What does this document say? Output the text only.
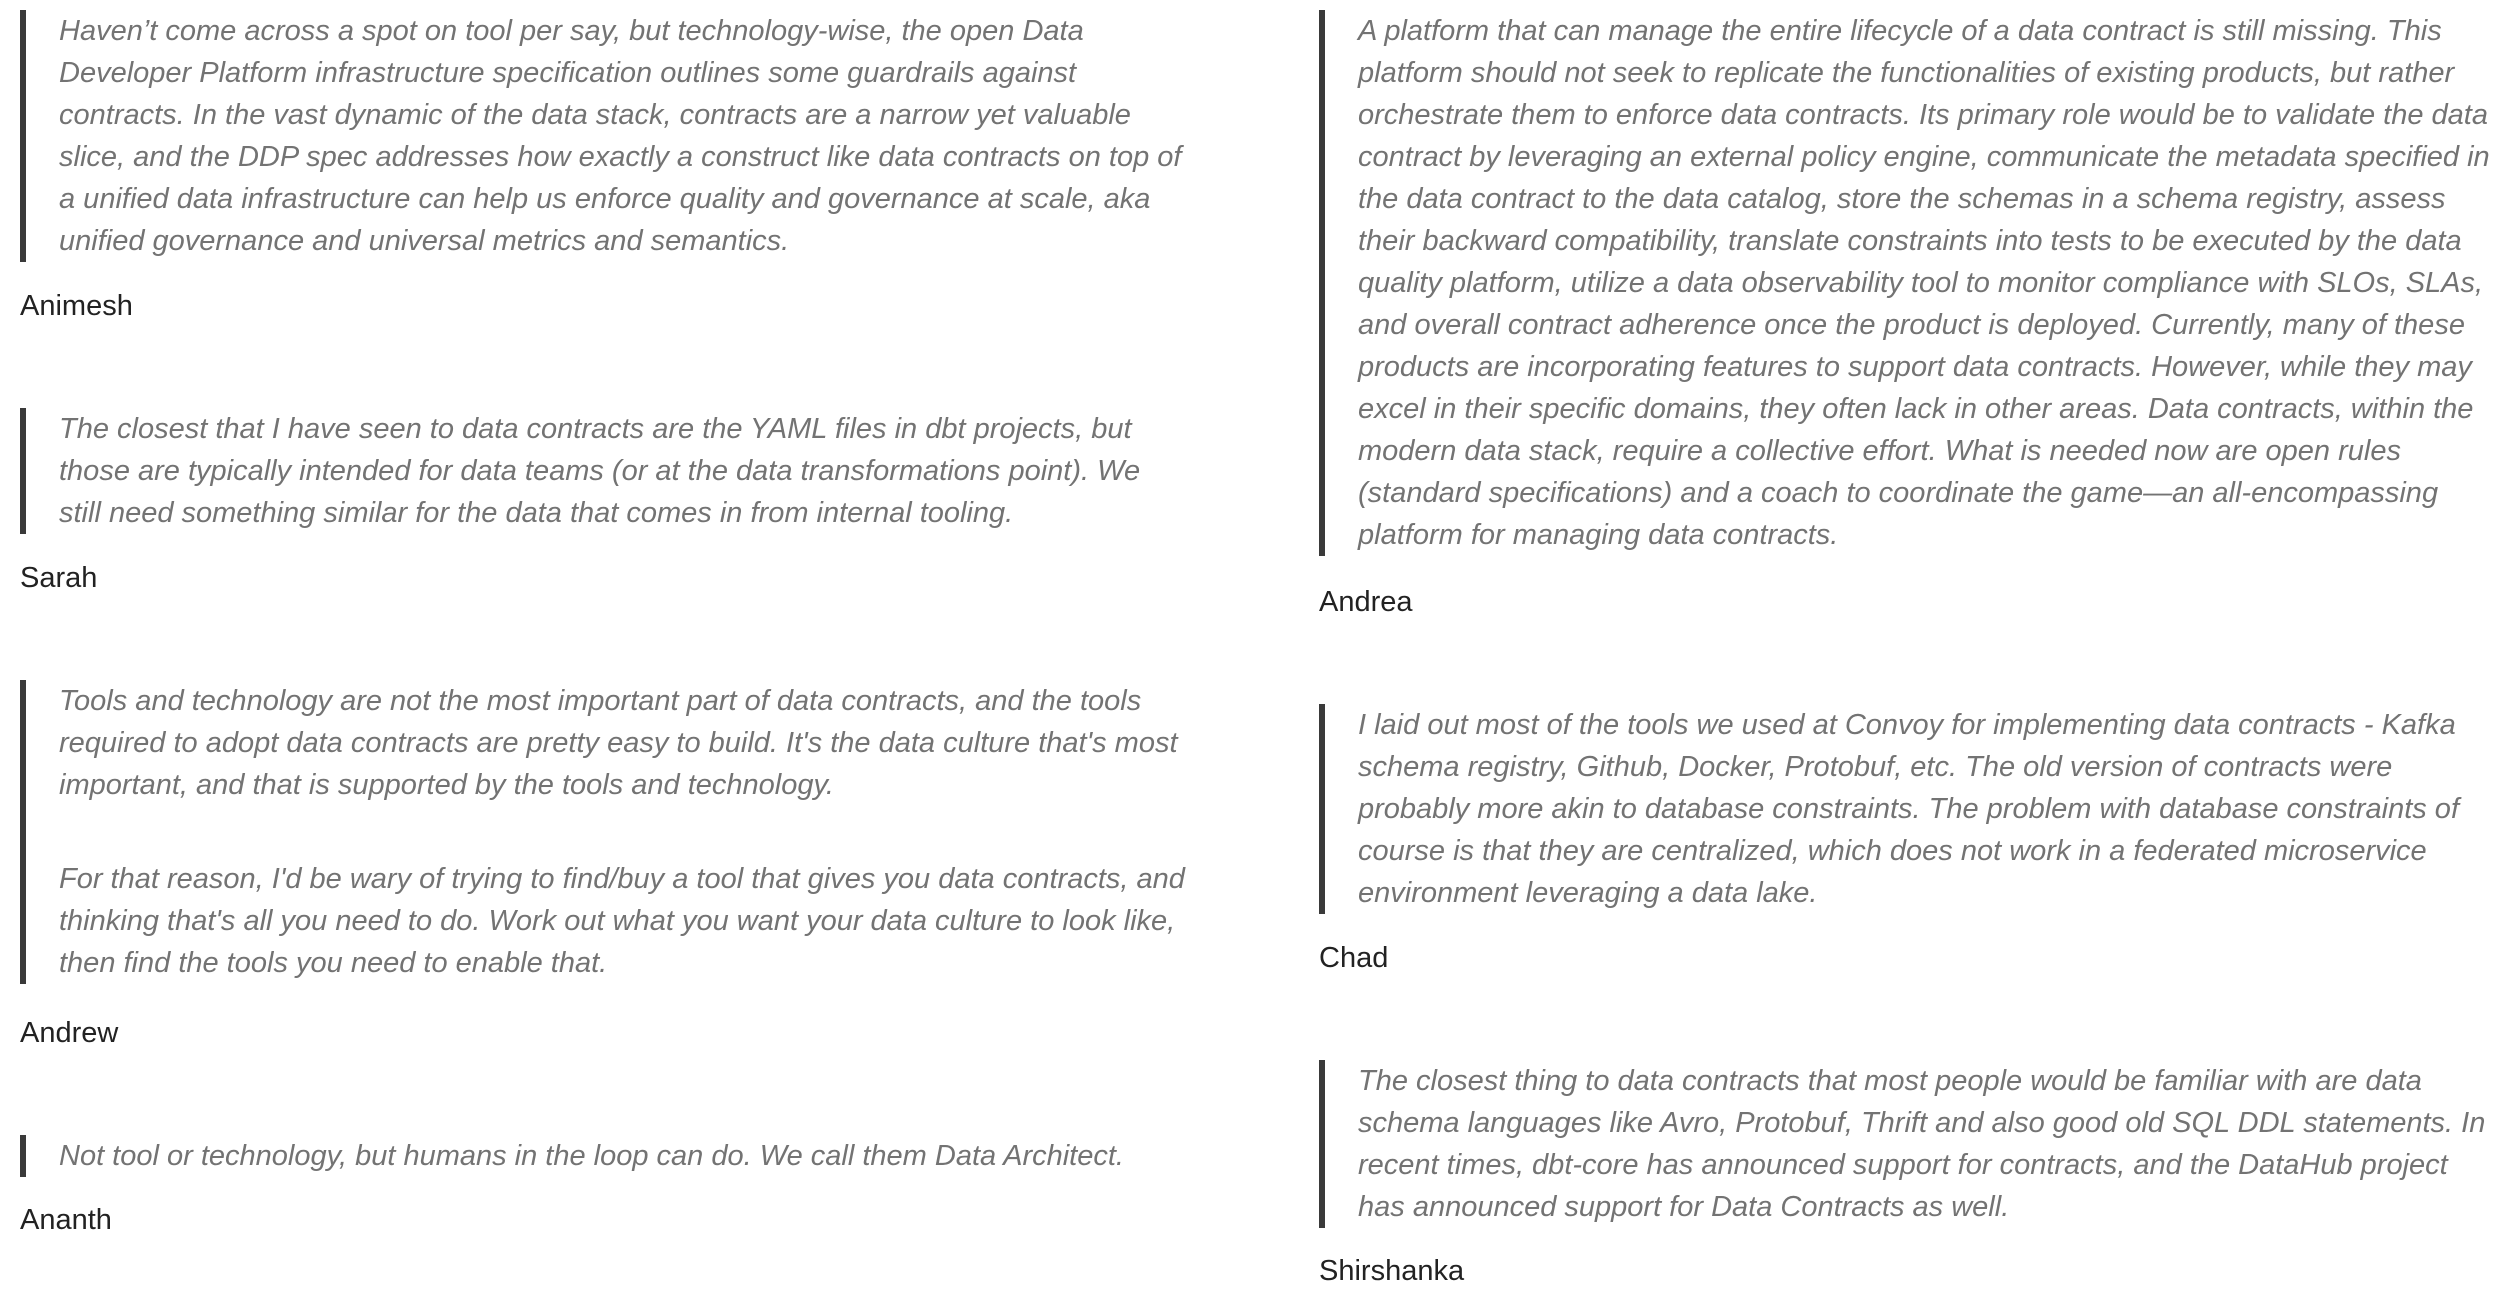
Haven’t come across a spot on tool per say, but technology-wise, the open Data Developer Platform infrastructure specification outlines some guardrails against contracts. In the vast dynamic of the data stack, contracts are a narrow yet valuable slice, and the DDP spec addresses how exactly a construct like data contracts on top of a unified data infrastructure can help us enforce quality and governance at scale, aka unified governance and universal metrics and semantics.

Animesh

The closest that I have seen to data contracts are the YAML files in dbt projects, but those are typically intended for data teams (or at the data transformations point). We still need something similar for the data that comes in from internal tooling.

Sarah

Tools and technology are not the most important part of data contracts, and the tools required to adopt data contracts are pretty easy to build. It's the data culture that's most important, and that is supported by the tools and technology.

For that reason, I'd be wary of trying to find/buy a tool that gives you data contracts, and thinking that's all you need to do. Work out what you want your data culture to look like, then find the tools you need to enable that.

Andrew

Not tool or technology, but humans in the loop can do. We call them Data Architect.

Ananth

A platform that can manage the entire lifecycle of a data contract is still missing. This platform should not seek to replicate the functionalities of existing products, but rather orchestrate them to enforce data contracts. Its primary role would be to validate the data contract by leveraging an external policy engine, communicate the metadata specified in the data contract to the data catalog, store the schemas in a schema registry, assess their backward compatibility, translate constraints into tests to be executed by the data quality platform, utilize a data observability tool to monitor compliance with SLOs, SLAs, and overall contract adherence once the product is deployed. Currently, many of these products are incorporating features to support data contracts. However, while they may excel in their specific domains, they often lack in other areas. Data contracts, within the modern data stack, require a collective effort. What is needed now are open rules (standard specifications) and a coach to coordinate the game—an all-encompassing platform for managing data contracts.

Andrea

I laid out most of the tools we used at Convoy for implementing data contracts - Kafka schema registry, Github, Docker, Protobuf, etc. The old version of contracts were probably more akin to database constraints. The problem with database constraints of course is that they are centralized, which does not work in a federated microservice environment leveraging a data lake.

Chad

The closest thing to data contracts that most people would be familiar with are data schema languages like Avro, Protobuf, Thrift and also good old SQL DDL statements. In recent times, dbt-core has announced support for contracts, and the DataHub project has announced support for Data Contracts as well.

Shirshanka
